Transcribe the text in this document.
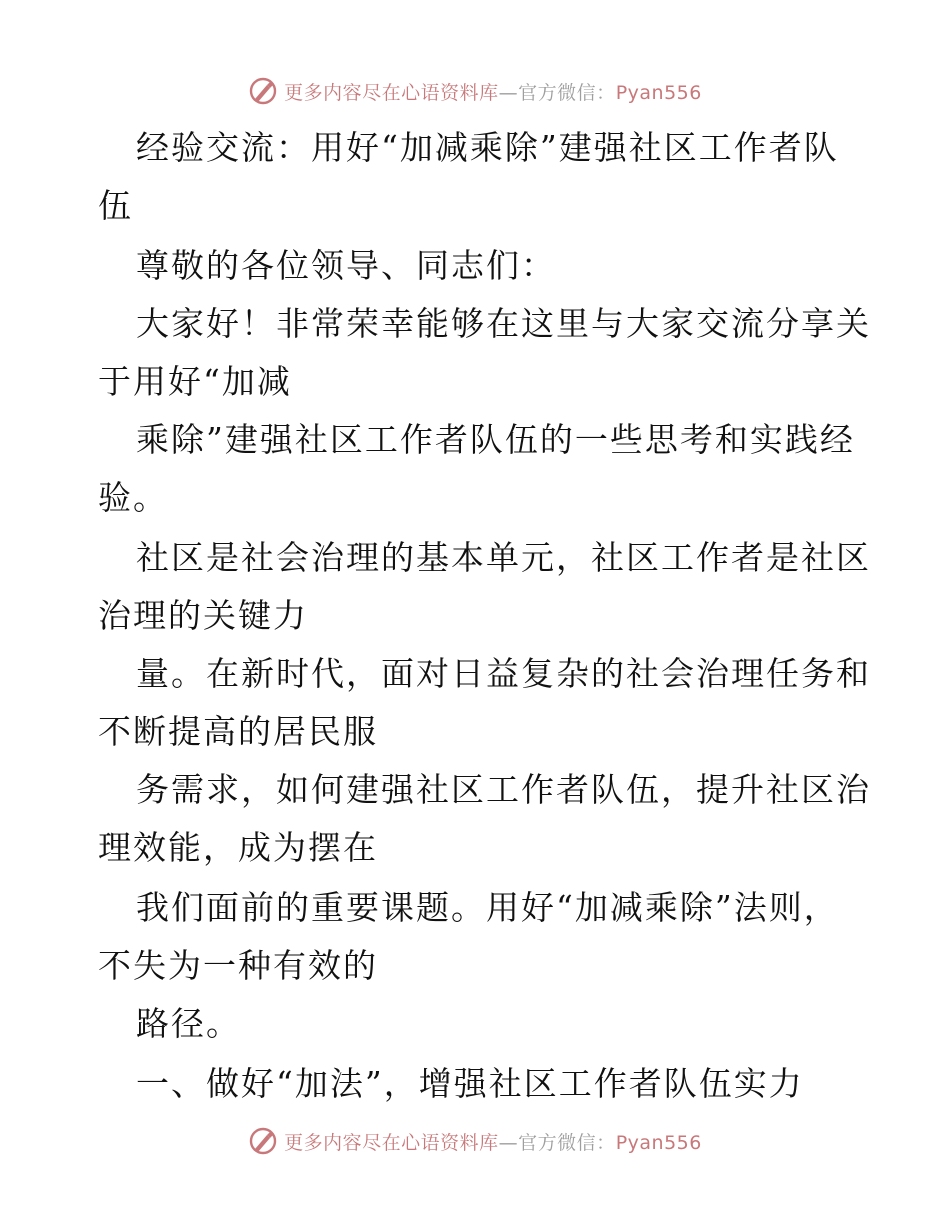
更多内容尽在心语资料库—官方微信：Pyan556
经验交流：用好“加减乘除”建强社区工作者队
伍
尊敬的各位领导、同志们：
大家好！非常荣幸能够在这里与大家交流分享关
于用好“加减
乘除”建强社区工作者队伍的一些思考和实践经
验。
社区是社会治理的基本单元，社区工作者是社区
治理的关键力
量。在新时代，面对日益复杂的社会治理任务和
不断提高的居民服
务需求，如何建强社区工作者队伍，提升社区治
理效能，成为摆在
我们面前的重要课题。用好“加减乘除”法则，
不失为一种有效的
路径。
一、做好“加法”，增强社区工作者队伍实力
更多内容尽在心语资料库—官方微信：Pyan556
